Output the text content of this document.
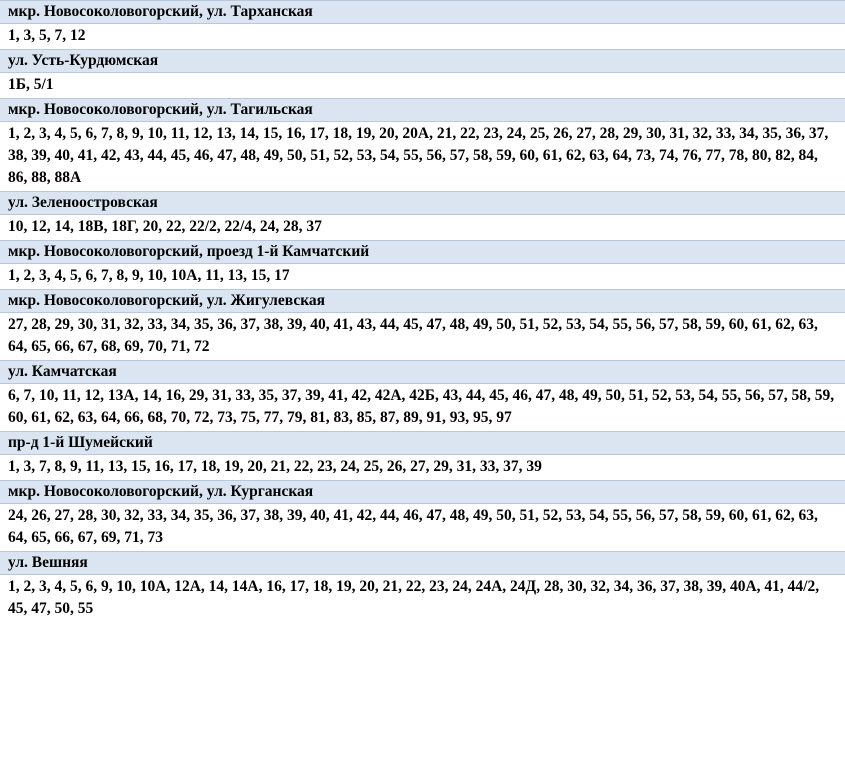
мкр. Новосоколовогорский, ул. Тарханская
1, 3, 5, 7, 12
ул. Усть-Курдюмская
1Б, 5/1
мкр. Новосоколовогорский, ул. Тагильская
1, 2, 3, 4, 5, 6, 7, 8, 9, 10, 11, 12, 13, 14, 15, 16, 17, 18, 19, 20, 20А, 21, 22, 23, 24, 25, 26, 27, 28, 29, 30, 31, 32, 33, 34, 35, 36, 37, 38, 39, 40, 41, 42, 43, 44, 45, 46, 47, 48, 49, 50, 51, 52, 53, 54, 55, 56, 57, 58, 59, 60, 61, 62, 63, 64, 73, 74, 76, 77, 78, 80, 82, 84, 86, 88, 88А
ул. Зеленоостровская
10, 12, 14, 18В, 18Г, 20, 22, 22/2, 22/4, 24, 28, 37
мкр. Новосоколовогорский, проезд 1-й Камчатский
1, 2, 3, 4, 5, 6, 7, 8, 9, 10, 10А, 11, 13, 15, 17
мкр. Новосоколовогорский, ул. Жигулевская
27, 28, 29, 30, 31, 32, 33, 34, 35, 36, 37, 38, 39, 40, 41, 43, 44, 45, 47, 48, 49, 50, 51, 52, 53, 54, 55, 56, 57, 58, 59, 60, 61, 62, 63, 64, 65, 66, 67, 68, 69, 70, 71, 72
ул. Камчатская
6, 7, 10, 11, 12, 13А, 14, 16, 29, 31, 33, 35, 37, 39, 41, 42, 42А, 42Б, 43, 44, 45, 46, 47, 48, 49, 50, 51, 52, 53, 54, 55, 56, 57, 58, 59, 60, 61, 62, 63, 64, 66, 68, 70, 72, 73, 75, 77, 79, 81, 83, 85, 87, 89, 91, 93, 95, 97
пр-д 1-й Шумейский
1, 3, 7, 8, 9, 11, 13, 15, 16, 17, 18, 19, 20, 21, 22, 23, 24, 25, 26, 27, 29, 31, 33, 37, 39
мкр. Новосоколовогорский, ул. Курганская
24, 26, 27, 28, 30, 32, 33, 34, 35, 36, 37, 38, 39, 40, 41, 42, 44, 46, 47, 48, 49, 50, 51, 52, 53, 54, 55, 56, 57, 58, 59, 60, 61, 62, 63, 64, 65, 66, 67, 69, 71, 73
ул. Вешняя
1, 2, 3, 4, 5, 6, 9, 10, 10А, 12А, 14, 14А, 16, 17, 18, 19, 20, 21, 22, 23, 24, 24А, 24Д, 28, 30, 32, 34, 36, 37, 38, 39, 40А, 41, 44/2, 45, 47, 50, 55
